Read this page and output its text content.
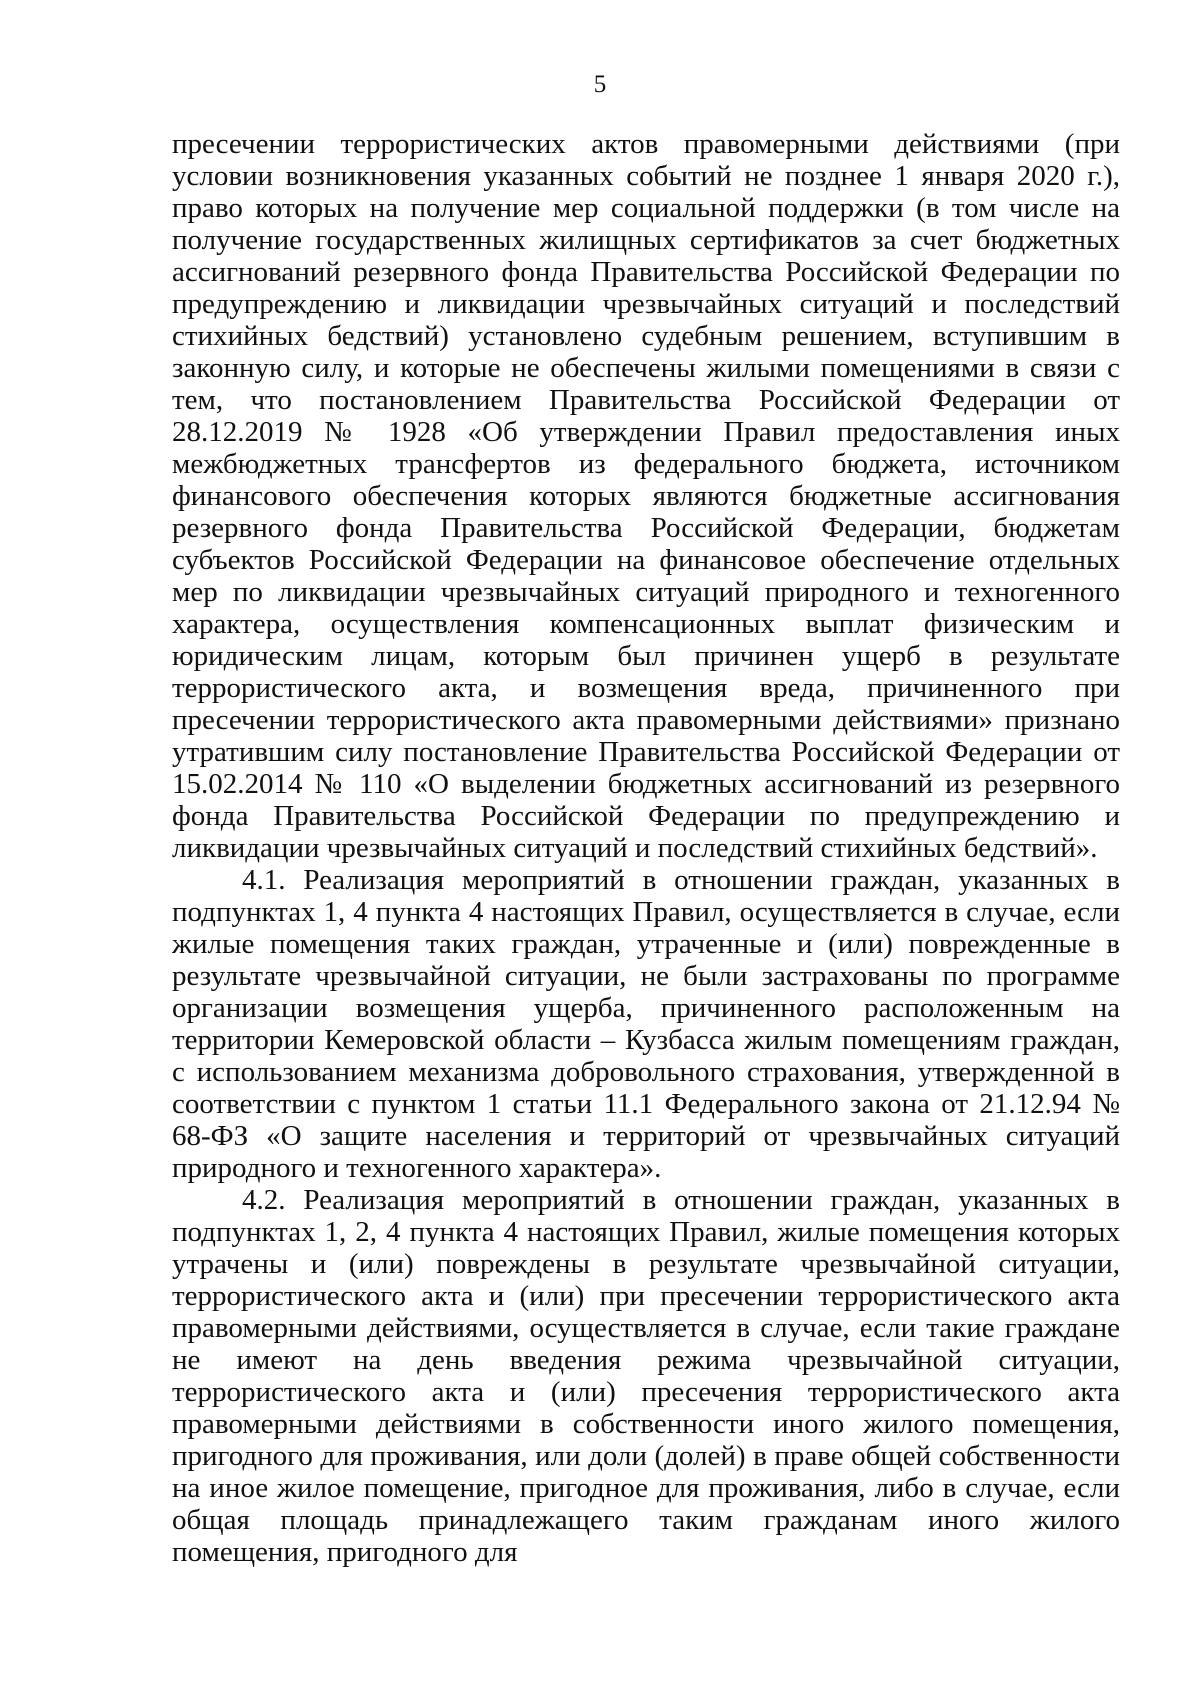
5

пресечении террористических актов правомерными действиями (при условии возникновения указанных событий не позднее 1 января 2020 г.), право которых на получение мер социальной поддержки (в том числе на получение государственных жилищных сертификатов за счет бюджетных ассигнований резервного фонда Правительства Российской Федерации по предупреждению и ликвидации чрезвычайных ситуаций и последствий стихийных бедствий) установлено судебным решением, вступившим в законную силу, и которые не обеспечены жилыми помещениями в связи с тем, что постановлением Правительства Российской Федерации от 28.12.2019 № 1928 «Об утверждении Правил предоставления иных межбюджетных трансфертов из федерального бюджета, источником финансового обеспечения которых являются бюджетные ассигнования резервного фонда Правительства Российской Федерации, бюджетам субъектов Российской Федерации на финансовое обеспечение отдельных мер по ликвидации чрезвычайных ситуаций природного и техногенного характера, осуществления компенсационных выплат физическим и юридическим лицам, которым был причинен ущерб в результате террористического акта, и возмещения вреда, причиненного при пресечении террористического акта правомерными действиями» признано утратившим силу постановление Правительства Российской Федерации от 15.02.2014 № 110 «О выделении бюджетных ассигнований из резервного фонда Правительства Российской Федерации по предупреждению и ликвидации чрезвычайных ситуаций и последствий стихийных бедствий».

4.1. Реализация мероприятий в отношении граждан, указанных в подпунктах 1, 4 пункта 4 настоящих Правил, осуществляется в случае, если жилые помещения таких граждан, утраченные и (или) поврежденные в результате чрезвычайной ситуации, не были застрахованы по программе организации возмещения ущерба, причиненного расположенным на территории Кемеровской области – Кузбасса жилым помещениям граждан, с использованием механизма добровольного страхования, утвержденной в соответствии с пунктом 1 статьи 11.1 Федерального закона от 21.12.94 № 68-ФЗ «О защите населения и территорий от чрезвычайных ситуаций природного и техногенного характера».

4.2. Реализация мероприятий в отношении граждан, указанных в подпунктах 1, 2, 4 пункта 4 настоящих Правил, жилые помещения которых утрачены и (или) повреждены в результате чрезвычайной ситуации, террористического акта и (или) при пресечении террористического акта правомерными действиями, осуществляется в случае, если такие граждане не имеют на день введения режима чрезвычайной ситуации, террористического акта и (или) пресечения террористического акта правомерными действиями в собственности иного жилого помещения, пригодного для проживания, или доли (долей) в праве общей собственности на иное жилое помещение, пригодное для проживания, либо в случае, если общая площадь принадлежащего таким гражданам иного жилого помещения, пригодного для
